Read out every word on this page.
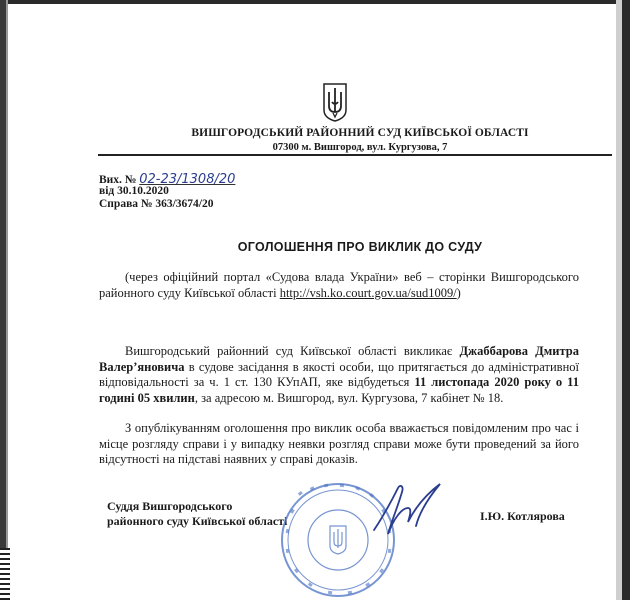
ВИШГОРОДСЬКИЙ РАЙОННИЙ СУД КИЇВСЬКОЇ ОБЛАСТІ
07300 м. Вишгород, вул. Кургузова, 7
Вих. № 02-23/1308/20
від 30.10.2020
Справа № 363/3674/20
ОГОЛОШЕННЯ ПРО ВИКЛИК ДО СУДУ
(через офіційний портал «Судова влада України» веб – сторінки Вишгородського районного суду Київської області http://vsh.ko.court.gov.ua/sud1009/)
Вишгородський районний суд Київської області викликає Джаббарова Дмитра Валер’яновича в судове засідання в якості особи, що притягається до адміністративної відповідальності за ч. 1 ст. 130 КУпАП, яке відбудеться 11 листопада 2020 року о 11 годині 05 хвилин, за адресою м. Вишгород, вул. Кургузова, 7 кабінет № 18.
З опублікуванням оголошення про виклик особа вважається повідомленим про час і місце розгляду справи і у випадку неявки розгляд справи може бути проведений за його відсутності на підставі наявних у справі доказів.
Суддя Вишгородського
районного суду Київської області	І.Ю. Котлярова
